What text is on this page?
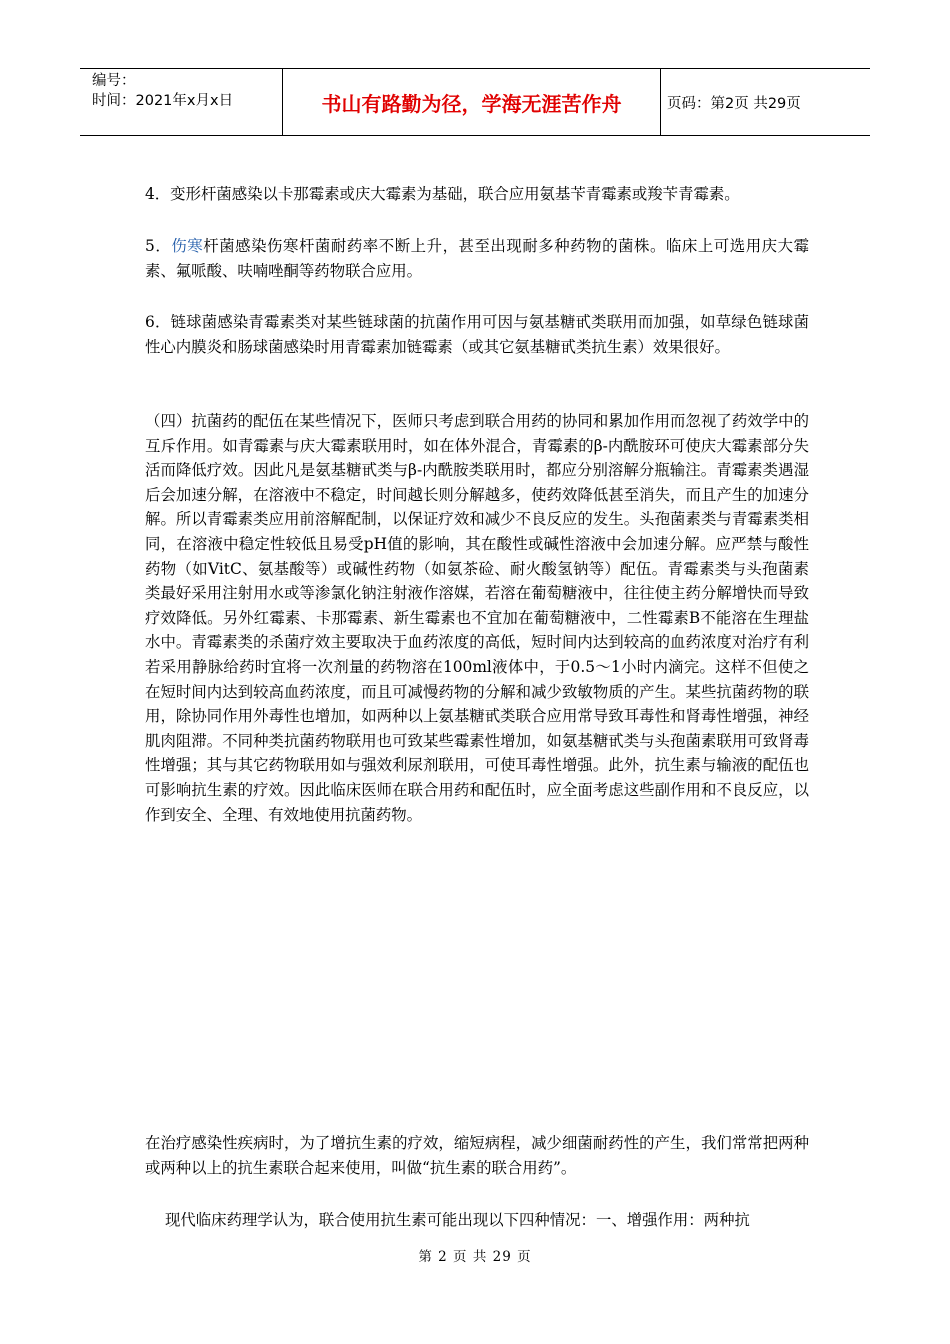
编号：
时间：2021年x月x日	书山有路勤为径，学海无涯苦作舟	页码：第2页 共29页

4．变形杆菌感染以卡那霉素或庆大霉素为基础，联合应用氨基苄青霉素或羧苄青霉素。

5．伤寒杆菌感染伤寒杆菌耐药率不断上升，甚至出现耐多种药物的菌株。临床上可选用庆大霉素、氟哌酸、呋喃唑酮等药物联合应用。

6．链球菌感染青霉素类对某些链球菌的抗菌作用可因与氨基糖甙类联用而加强，如草绿色链球菌性心内膜炎和肠球菌感染时用青霉素加链霉素（或其它氨基糖甙类抗生素）效果很好。

（四）抗菌药的配伍在某些情况下，医师只考虑到联合用药的协同和累加作用而忽视了药效学中的互斥作用。如青霉素与庆大霉素联用时，如在体外混合，青霉素的β-内酰胺环可使庆大霉素部分失活而降低疗效。因此凡是氨基糖甙类与β-内酰胺类联用时，都应分别溶解分瓶输注。青霉素类遇湿后会加速分解，在溶液中不稳定，时间越长则分解越多，使药效降低甚至消失，而且产生的加速分解。所以青霉素类应用前溶解配制，以保证疗效和减少不良反应的发生。头孢菌素类与青霉素类相同，在溶液中稳定性较低且易受pH值的影响，其在酸性或碱性溶液中会加速分解。应严禁与酸性药物（如VitC、氨基酸等）或碱性药物（如氨茶硷、耐火酸氢钠等）配伍。青霉素类与头孢菌素类最好采用注射用水或等渗氯化钠注射液作溶媒，若溶在葡萄糖液中，往往使主药分解增快而导致疗效降低。另外红霉素、卡那霉素、新生霉素也不宜加在葡萄糖液中，二性霉素B不能溶在生理盐水中。青霉素类的杀菌疗效主要取决于血药浓度的高低，短时间内达到较高的血药浓度对治疗有利若采用静脉给药时宜将一次剂量的药物溶在100ml液体中，于0.5～1小时内滴完。这样不但使之在短时间内达到较高血药浓度，而且可减慢药物的分解和减少致敏物质的产生。某些抗菌药物的联用，除协同作用外毒性也增加，如两种以上氨基糖甙类联合应用常导致耳毒性和肾毒性增强，神经肌肉阻滞。不同种类抗菌药物联用也可致某些霉素性增加，如氨基糖甙类与头孢菌素联用可致肾毒性增强；其与其它药物联用如与强效利尿剂联用，可使耳毒性增强。此外，抗生素与输液的配伍也可影响抗生素的疗效。因此临床医师在联合用药和配伍时，应全面考虑这些副作用和不良反应，以作到安全、全理、有效地使用抗菌药物。

在治疗感染性疾病时，为了增抗生素的疗效，缩短病程，减少细菌耐药性的产生，我们常常把两种或两种以上的抗生素联合起来使用，叫做“抗生素的联合用药”。

现代临床药理学认为，联合使用抗生素可能出现以下四种情况：一、增强作用：两种抗

第 2 页 共 29 页
